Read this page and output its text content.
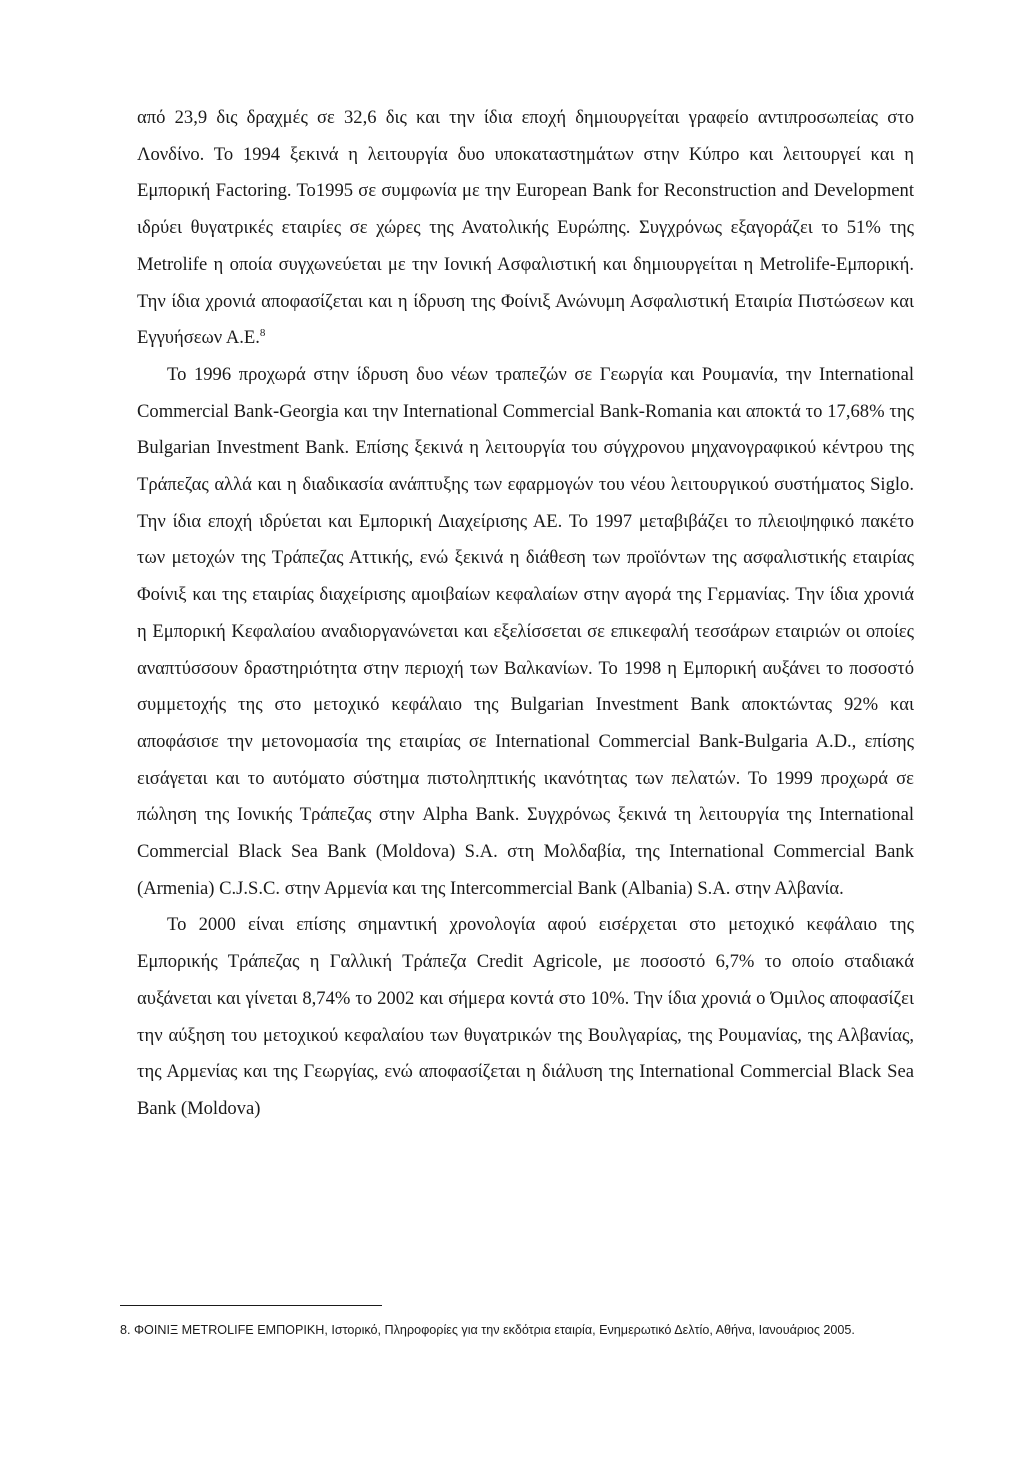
από 23,9 δις δραχμές σε 32,6 δις και την ίδια εποχή δημιουργείται γραφείο αντιπροσωπείας στο Λονδίνο. Το 1994 ξεκινά η λειτουργία δυο υποκαταστημάτων στην Κύπρο και λειτουργεί και η Εμπορική Factoring. To1995 σε συμφωνία με την European Bank for Reconstruction and Development ιδρύει θυγατρικές εταιρίες σε χώρες της Ανατολικής Ευρώπης. Συγχρόνως εξαγοράζει το 51% της Metrolife η οποία συγχωνεύεται με την Ιονική Ασφαλιστική και δημιουργείται η Metrolife-Εμπορική. Την ίδια χρονιά αποφασίζεται και η ίδρυση της Φοίνιξ Ανώνυμη Ασφαλιστική Εταιρία Πιστώσεων και Εγγυήσεων Α.Ε.$^8$

Το 1996 προχωρά στην ίδρυση δυο νέων τραπεζών σε Γεωργία και Ρουμανία, την International Commercial Bank-Georgia και την International Commercial Bank-Romania και αποκτά το 17,68% της Bulgarian Investment Bank. Επίσης ξεκινά η λειτουργία του σύγχρονου μηχανογραφικού κέντρου της Τράπεζας αλλά και η διαδικασία ανάπτυξης των εφαρμογών του νέου λειτουργικού συστήματος Siglo. Την ίδια εποχή ιδρύεται και Εμπορική Διαχείρισης ΑΕ. Το 1997 μεταβιβάζει το πλειοψηφικό πακέτο των μετοχών της Τράπεζας Αττικής, ενώ ξεκινά η διάθεση των προϊόντων της ασφαλιστικής εταιρίας Φοίνιξ και της εταιρίας διαχείρισης αμοιβαίων κεφαλαίων στην αγορά της Γερμανίας. Την ίδια χρονιά η Εμπορική Κεφαλαίου αναδιοργανώνεται και εξελίσσεται σε επικεφαλή τεσσάρων εταιριών οι οποίες αναπτύσσουν δραστηριότητα στην περιοχή των Βαλκανίων. Το 1998 η Εμπορική αυξάνει το ποσοστό συμμετοχής της στο μετοχικό κεφάλαιο της Bulgarian Investment Bank αποκτώντας 92% και αποφάσισε την μετονομασία της εταιρίας σε International Commercial Bank-Bulgaria A.D., επίσης εισάγεται και το αυτόματο σύστημα πιστοληπτικής ικανότητας των πελατών. Το 1999 προχωρά σε πώληση της Ιονικής Τράπεζας στην Alpha Bank. Συγχρόνως ξεκινά τη λειτουργία της International Commercial Black Sea Bank (Moldova) S.A. στη Μολδαβία, της International Commercial Bank (Armenia) C.J.S.C. στην Αρμενία και της Intercommercial Bank (Albania) S.A. στην Αλβανία.

Το 2000 είναι επίσης σημαντική χρονολογία αφού εισέρχεται στο μετοχικό κεφάλαιο της Εμπορικής Τράπεζας η Γαλλική Τράπεζα Credit Agricole, με ποσοστό 6,7% το οποίο σταδιακά αυξάνεται και γίνεται 8,74% το 2002 και σήμερα κοντά στο 10%. Την ίδια χρονιά ο Όμιλος αποφασίζει την αύξηση του μετοχικού κεφαλαίου των θυγατρικών της Βουλγαρίας, της Ρουμανίας, της Αλβανίας, της Αρμενίας και της Γεωργίας, ενώ αποφασίζεται η διάλυση της International Commercial Black Sea Bank (Moldova)

8. ΦΟΙΝΙΞ METROLIFE ΕΜΠΟΡΙΚΗ, Ιστορικό, Πληροφορίες για την εκδότρια εταιρία, Ενημερωτικό Δελτίο, Αθήνα, Ιανουάριος 2005.
